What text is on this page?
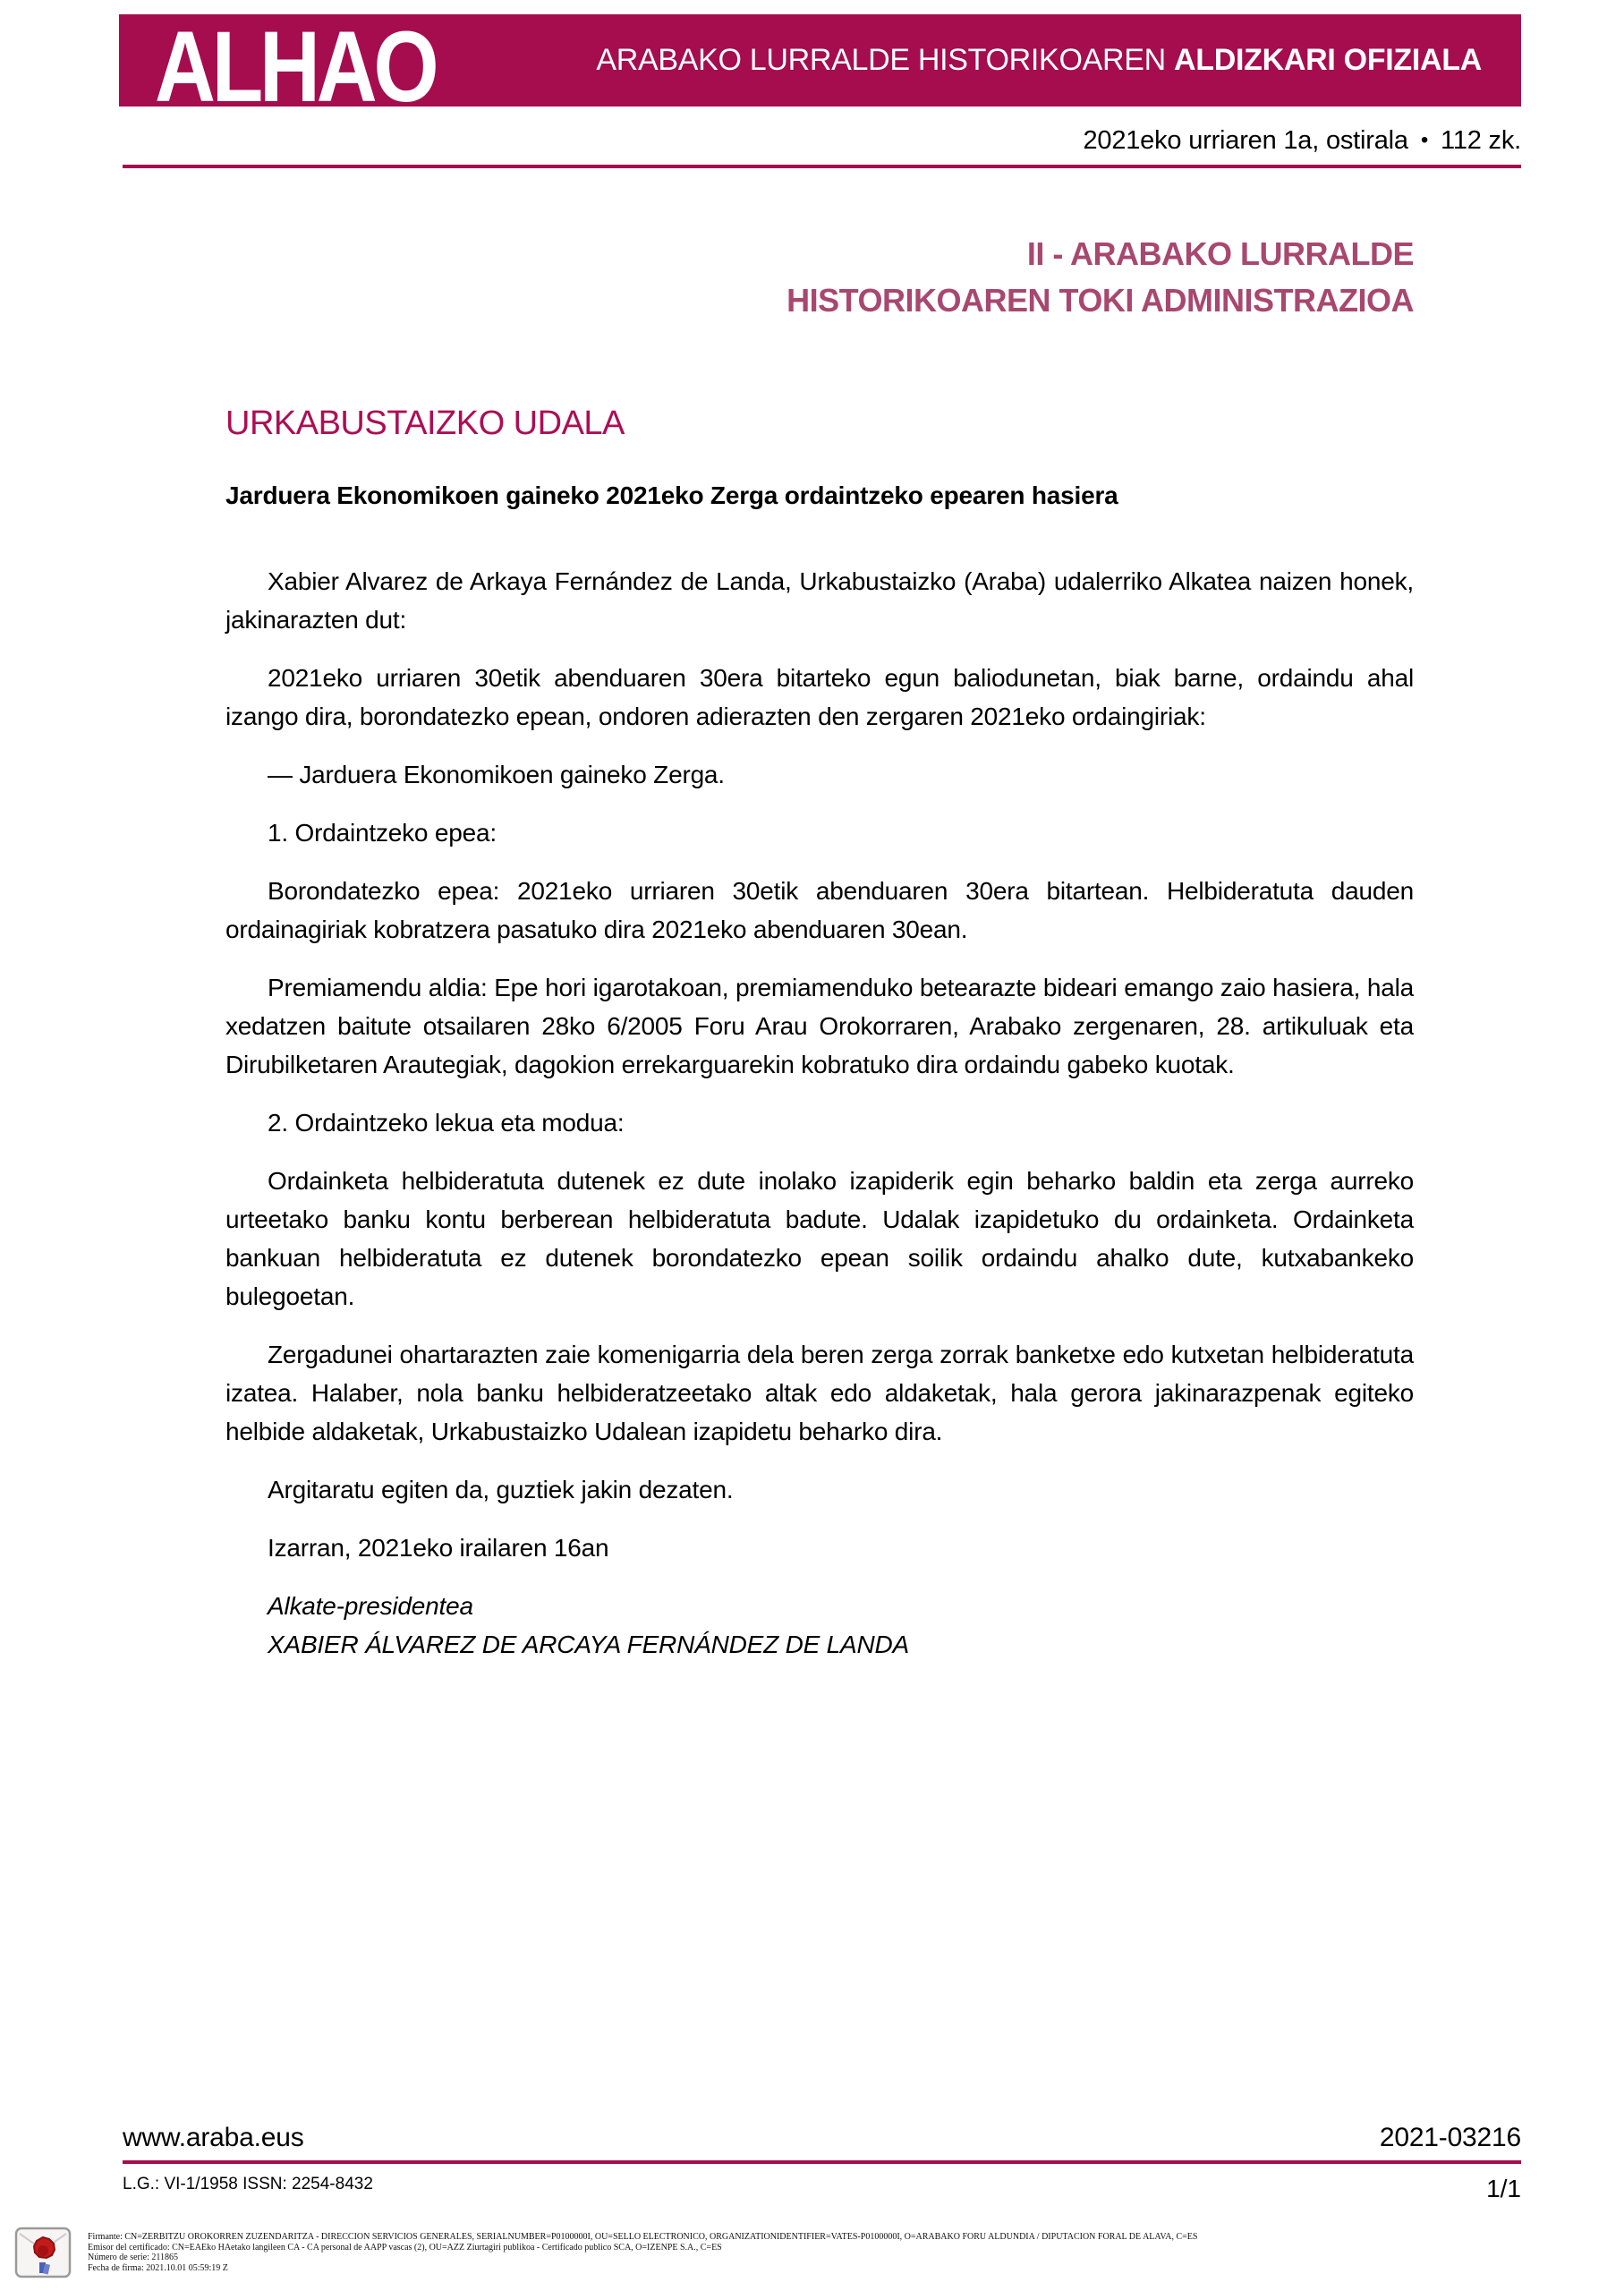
ALHAO	ARABAKO LURRALDE HISTORIKOAREN ALDIZKARI OFIZIALA
2021eko urriaren 1a, ostirala • 112 zk.
II - ARABAKO LURRALDE
HISTORIKOAREN TOKI ADMINISTRAZIOA
URKABUSTAIZKO UDALA
Jarduera Ekonomikoen gaineko 2021eko Zerga ordaintzeko epearen hasiera

Xabier Alvarez de Arkaya Fernández de Landa, Urkabustaizko (Araba) udalerriko Alkatea naizen honek, jakinarazten dut:

2021eko urriaren 30etik abenduaren 30era bitarteko egun baliodunetan, biak barne, ordaindu ahal izango dira, borondatezko epean, ondoren adierazten den zergaren 2021eko ordaingiriak:

— Jarduera Ekonomikoen gaineko Zerga.

1. Ordaintzeko epea:

Borondatezko epea: 2021eko urriaren 30etik abenduaren 30era bitartean. Helbideratuta dauden ordainagiriak kobratzera pasatuko dira 2021eko abenduaren 30ean.

Premiamendu aldia: Epe hori igarotakoan, premiamenduko betearazte bideari emango zaio hasiera, hala xedatzen baitute otsailaren 28ko 6/2005 Foru Arau Orokorraren, Arabako zergenaren, 28. artikuluak eta Dirubilketaren Arautegiak, dagokion errekarguarekin kobratuko dira ordaindu gabeko kuotak.

2. Ordaintzeko lekua eta modua:

Ordainketa helbideratuta dutenek ez dute inolako izapiderik egin beharko baldin eta zerga aurreko urteetako banku kontu berberean helbideratuta badute. Udalak izapidetuko du ordainketa. Ordainketa bankuan helbideratuta ez dutenek borondatezko epean soilik ordaindu ahalko dute, kutxabankeko bulegoetan.

Zergadunei ohartarazten zaie komenigarria dela beren zerga zorrak banketxe edo kutxetan helbideratuta izatea. Halaber, nola banku helbideratzeetako altak edo aldaketak, hala gerora jakinarazpenak egiteko helbide aldaketak, Urkabustaizko Udalean izapidetu beharko dira.

Argitaratu egiten da, guztiek jakin dezaten.

Izarran, 2021eko irailaren 16an

Alkate-presidentea
XABIER ÁLVAREZ DE ARCAYA FERNÁNDEZ DE LANDA
www.araba.eus	2021-03216
L.G.: VI-1/1958 ISSN: 2254-8432	1/1
Firmante: CN=ZERBITZU OROKORREN ZUZENDARITZA - DIRECCION SERVICIOS GENERALES, SERIALNUMBER=P0100000I, OU=SELLO ELECTRONICO, ORGANIZATIONIDENTIFIER=VATES-P0100000I, O=ARABAKO FORU ALDUNDIA / DIPUTACION FORAL DE ALAVA, C=ES
Emisor del certificado: CN=EAEko HAetako langileen CA - CA personal de AAPP vascas (2), OU=AZZ Ziurtagiri publikoa - Certificado publico SCA, O=IZENPE S.A., C=ES
Número de serie: 211865
Fecha de firma: 2021.10.01 05:59:19 Z
